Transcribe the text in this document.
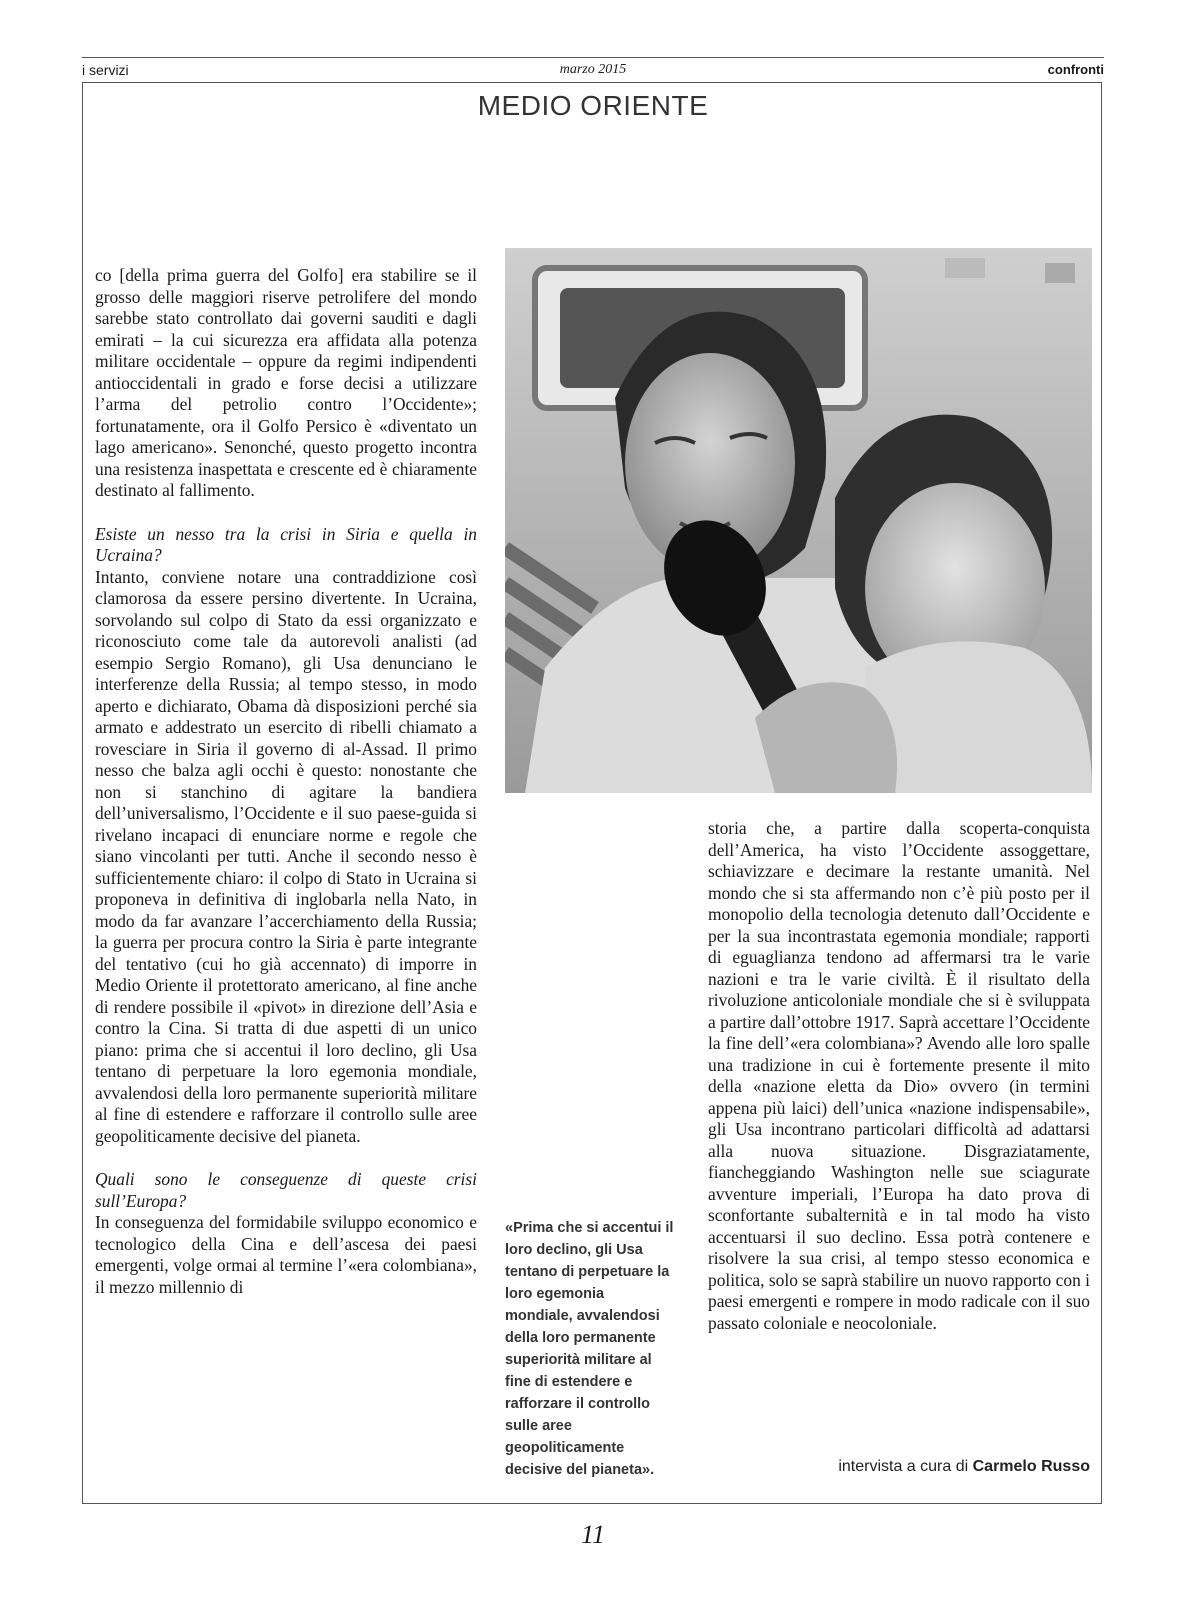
i servizi	marzo 2015	confronti
MEDIO ORIENTE

co [della prima guerra del Golfo] era stabilire se il grosso delle maggiori riserve petrolifere del mondo sarebbe stato controllato dai governi sauditi e dagli emirati – la cui sicurezza era affidata alla potenza militare occidentale – oppure da regimi indipendenti antioccidentali in grado e forse decisi a utilizzare l’arma del petrolio contro l’Occidente»; fortunatamente, ora il Golfo Persico è «diventato un lago americano». Senonché, questo progetto incontra una resistenza inaspettata e crescente ed è chiaramente destinato al fallimento.

Esiste un nesso tra la crisi in Siria e quella in Ucraina?

Intanto, conviene notare una contraddizione così clamorosa da essere persino divertente. In Ucraina, sorvolando sul colpo di Stato da essi organizzato e riconosciuto come tale da autorevoli analisti (ad esempio Sergio Romano), gli Usa denunciano le interferenze della Russia; al tempo stesso, in modo aperto e dichiarato, Obama dà disposizioni perché sia armato e addestrato un esercito di ribelli chiamato a rovesciare in Siria il governo di al-Assad. Il primo nesso che balza agli occhi è questo: nonostante che non si stanchino di agitare la bandiera dell’universalismo, l’Occidente e il suo paese-guida si rivelano incapaci di enunciare norme e regole che siano vincolanti per tutti. Anche il secondo nesso è sufficientemente chiaro: il colpo di Stato in Ucraina si proponeva in definitiva di inglobarla nella Nato, in modo da far avanzare l’accerchiamento della Russia; la guerra per procura contro la Siria è parte integrante del tentativo (cui ho già accennato) di imporre in Medio Oriente il protettorato americano, al fine anche di rendere possibile il «pivot» in direzione dell’Asia e contro la Cina. Si tratta di due aspetti di un unico piano: prima che si accentui il loro declino, gli Usa tentano di perpetuare la loro egemonia mondiale, avvalendosi della loro permanente superiorità militare al fine di estendere e rafforzare il controllo sulle aree geopoliticamente decisive del pianeta.

Quali sono le conseguenze di queste crisi sull’Europa?

In conseguenza del formidabile sviluppo economico e tecnologico della Cina e dell’ascesa dei paesi emergenti, volge ormai al termine l’«era colombiana», il mezzo millennio di

«Prima che si accentui il loro declino, gli Usa tentano di perpetuare la loro egemonia mondiale, avvalendosi della loro permanente superiorità militare al fine di estendere e rafforzare il controllo sulle aree geopoliticamente decisive del pianeta».

storia che, a partire dalla scoperta-conquista dell’America, ha visto l’Occidente assoggettare, schiavizzare e decimare la restante umanità. Nel mondo che si sta affermando non c’è più posto per il monopolio della tecnologia detenuto dall’Occidente e per la sua incontrastata egemonia mondiale; rapporti di eguaglianza tendono ad affermarsi tra le varie nazioni e tra le varie civiltà. È il risultato della rivoluzione anticoloniale mondiale che si è sviluppata a partire dall’ottobre 1917. Saprà accettare l’Occidente la fine dell’«era colombiana»? Avendo alle loro spalle una tradizione in cui è fortemente presente il mito della «nazione eletta da Dio» ovvero (in termini appena più laici) dell’unica «nazione indispensabile», gli Usa incontrano particolari difficoltà ad adattarsi alla nuova situazione. Disgraziatamente, fiancheggiando Washington nelle sue sciagurate avventure imperiali, l’Europa ha dato prova di sconfortante subalternità e in tal modo ha visto accentuarsi il suo declino. Essa potrà contenere e risolvere la sua crisi, al tempo stesso economica e politica, solo se saprà stabilire un nuovo rapporto con i paesi emergenti e rompere in modo radicale con il suo passato coloniale e neocoloniale.

intervista a cura di Carmelo Russo
11
